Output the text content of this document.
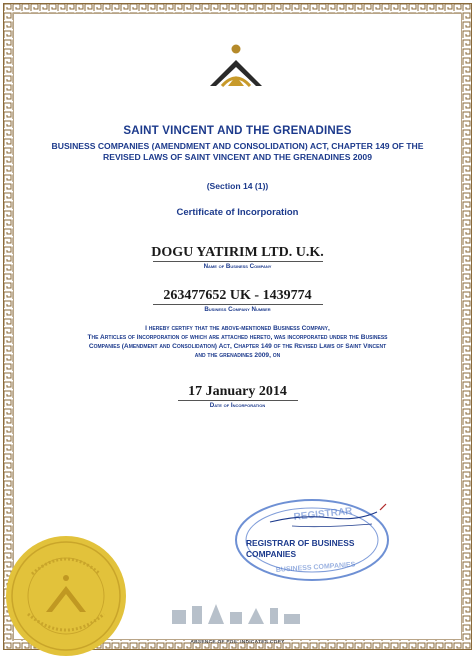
SAINT VINCENT AND THE GRENADINES
BUSINESS COMPANIES (AMENDMENT AND CONSOLIDATION) ACT, CHAPTER 149 OF THE
REVISED LAWS OF SAINT VINCENT AND THE GRENADINES 2009
(Section 14 (1))
Certificate of Incorporation
DOGU YATIRIM LTD. U.K.
Name of Business Company
263477652 UK - 1439774
Business Company Number
I hereby certify that the above-mentioned Business Company,
The Articles of Incorporation of which are attached hereto, was incorporated under the Business
Companies (Amendment and Consolidation) Act, Chapter 149 of the Revised Laws of Saint Vincent
and the grenadines 2009, on
17 January 2014
Date of Incorporation
REGISTRAR
BUSINESS COMPANIES
REGISTRAR OF BUSINESS
COMPANIES
ABSENCE OF FOIL INDICATES COPY
